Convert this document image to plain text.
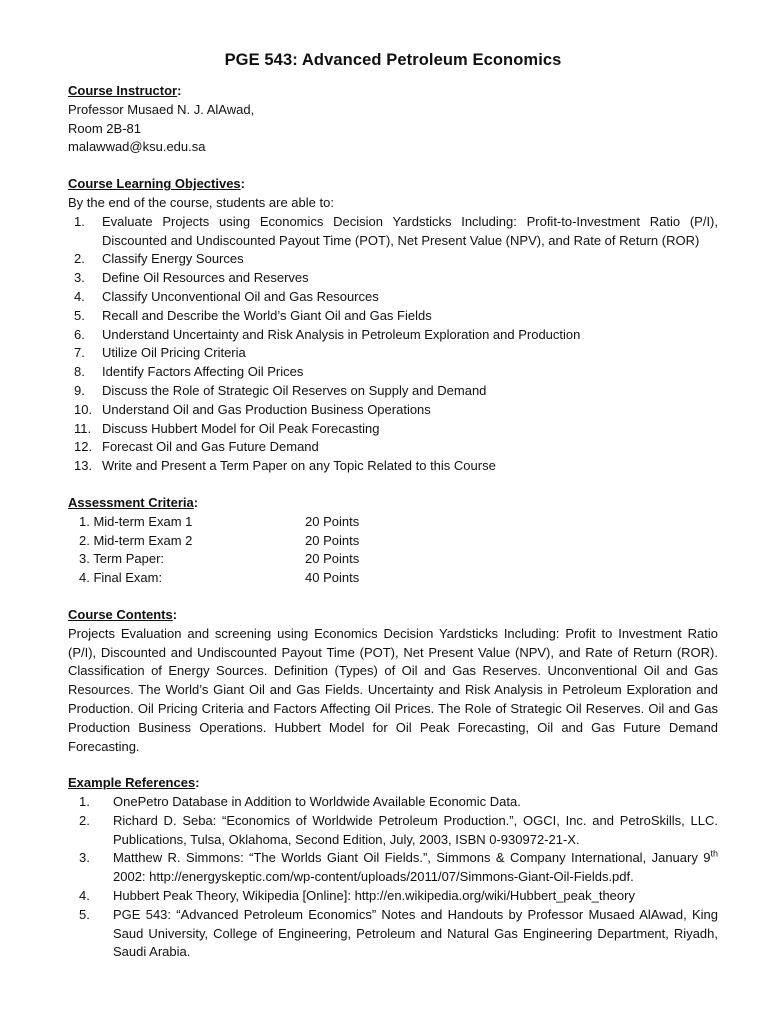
PGE 543: Advanced Petroleum Economics
Course Instructor:
Professor Musaed N. J. AlAwad,
Room 2B-81
malawwad@ksu.edu.sa
Course Learning Objectives:
By the end of the course, students are able to:
1.	Evaluate Projects using Economics Decision Yardsticks Including: Profit-to-Investment Ratio (P/I), Discounted and Undiscounted Payout Time (POT), Net Present Value (NPV), and Rate of Return (ROR)
2.	Classify Energy Sources
3.	Define Oil Resources and Reserves
4.	Classify Unconventional Oil and Gas Resources
5.	Recall and Describe the World’s Giant Oil and Gas Fields
6.	Understand Uncertainty and Risk Analysis in Petroleum Exploration and Production
7.	Utilize Oil Pricing Criteria
8.	Identify Factors Affecting Oil Prices
9.	Discuss the Role of Strategic Oil Reserves on Supply and Demand
10. Understand Oil and Gas Production Business Operations
11. Discuss Hubbert Model for Oil Peak Forecasting
12. Forecast Oil and Gas Future Demand
13. Write and Present a Term Paper on any Topic Related to this Course
Assessment Criteria:
1. Mid-term Exam 1	20 Points
2. Mid-term Exam 2	20 Points
3. Term Paper:	20 Points
4. Final Exam:	40 Points
Course Contents:

Projects Evaluation and screening using Economics Decision Yardsticks Including: Profit to Investment Ratio (P/I), Discounted and Undiscounted Payout Time (POT), Net Present Value (NPV), and Rate of Return (ROR). Classification of Energy Sources. Definition (Types) of Oil and Gas Reserves. Unconventional Oil and Gas Resources. The World’s Giant Oil and Gas Fields. Uncertainty and Risk Analysis in Petroleum Exploration and Production. Oil Pricing Criteria and Factors Affecting Oil Prices. The Role of Strategic Oil Reserves. Oil and Gas Production Business Operations. Hubbert Model for Oil Peak Forecasting, Oil and Gas Future Demand Forecasting.

Example References:
1.	OnePetro Database in Addition to Worldwide Available Economic Data.
2.	Richard D. Seba: “Economics of Worldwide Petroleum Production.”, OGCI, Inc. and PetroSkills, LLC. Publications, Tulsa, Oklahoma, Second Edition, July, 2003, ISBN 0-930972-21-X.
3.	Matthew R. Simmons: “The Worlds Giant Oil Fields.”, Simmons & Company International, January 9th 2002: http://energyskeptic.com/wp-content/uploads/2011/07/Simmons-Giant-Oil-Fields.pdf.
4.	Hubbert Peak Theory, Wikipedia [Online]: http://en.wikipedia.org/wiki/Hubbert_peak_theory
5.	PGE 543: “Advanced Petroleum Economics” Notes and Handouts by Professor Musaed AlAwad, King Saud University, College of Engineering, Petroleum and Natural Gas Engineering Department, Riyadh, Saudi Arabia.
